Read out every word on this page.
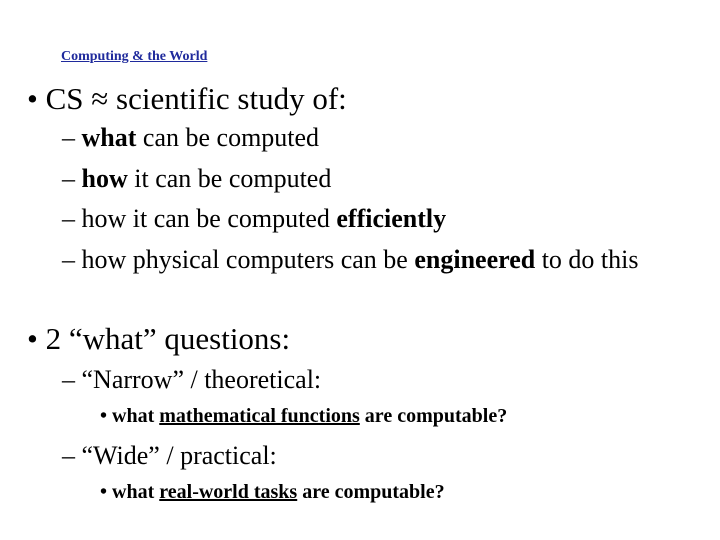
Computing & the World
• CS ≈ scientific study of:
– what can be computed
– how it can be computed
– how it can be computed efficiently
– how physical computers can be engineered to do this
• 2 “what” questions:
– “Narrow” / theoretical:
• what mathematical functions are computable?
– “Wide” / practical:
• what real-world tasks are computable?
